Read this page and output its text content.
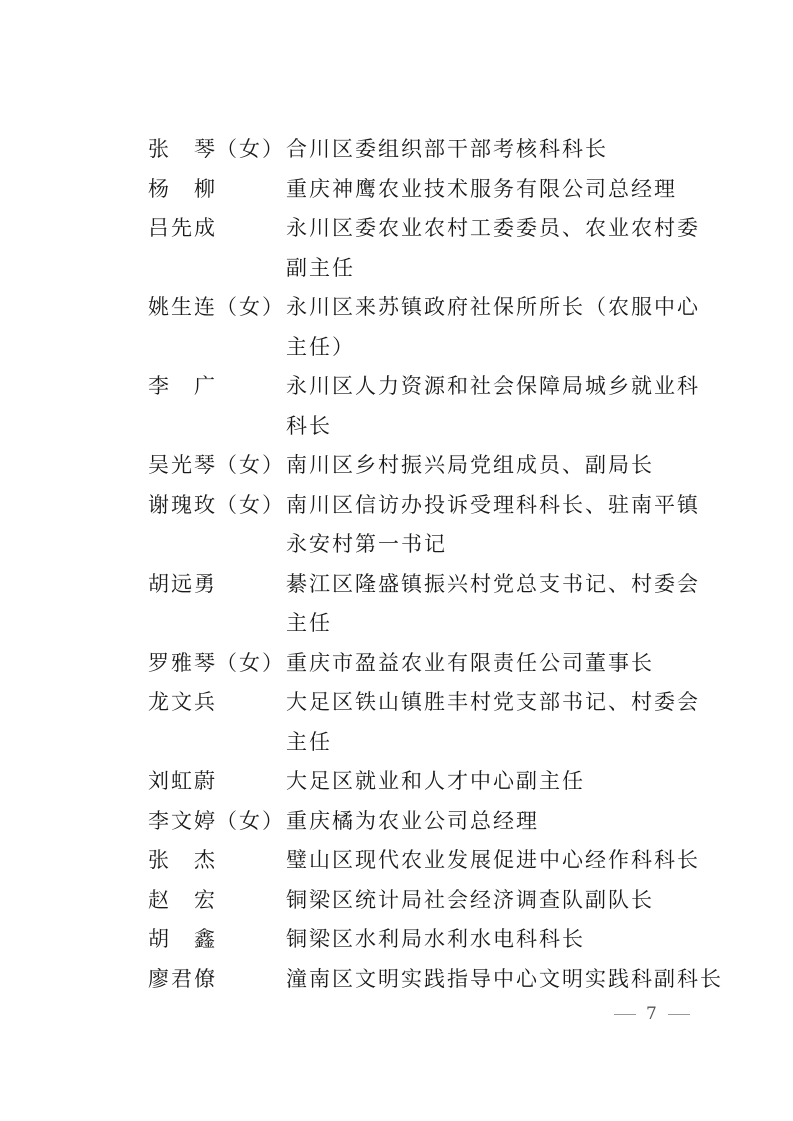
张　琴 （女） 合川区委组织部干部考核科科长
杨　柳	重庆神鹰农业技术服务有限公司总经理
吕先成	永川区委农业农村工委委员、农业农村委
副主任
姚生连 （女） 永川区来苏镇政府社保所所长（农服中心
主任）
李　广	永川区人力资源和社会保障局城乡就业科
科长
吴光琴 （女） 南川区乡村振兴局党组成员、副局长
谢瑰玫 （女） 南川区信访办投诉受理科科长、驻南平镇
永安村第一书记
胡远勇	綦江区隆盛镇振兴村党总支书记、村委会
主任
罗雅琴 （女） 重庆市盈益农业有限责任公司董事长
龙文兵	大足区铁山镇胜丰村党支部书记、村委会
主任
刘虹蔚	大足区就业和人才中心副主任
李文婷 （女） 重庆橘为农业公司总经理
张　杰	璧山区现代农业发展促进中心经作科科长
赵　宏	铜梁区统计局社会经济调查队副队长
胡　鑫	铜梁区水利局水利水电科科长
廖君僚	潼南区文明实践指导中心文明实践科副科长
7
